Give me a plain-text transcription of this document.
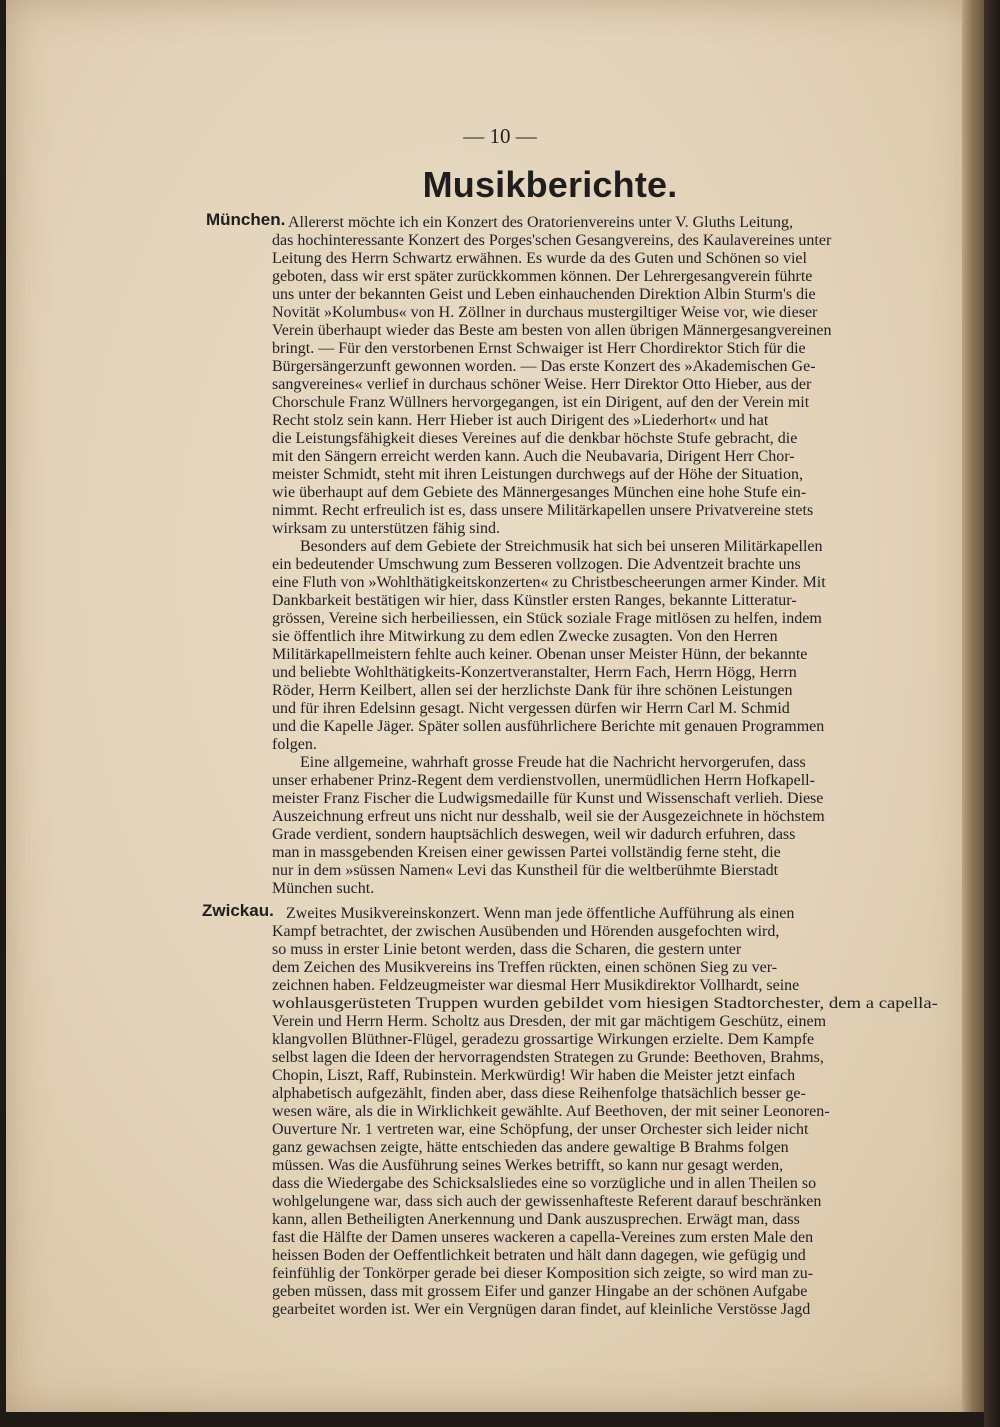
— 10 —
Musikberichte.
München. Allererst möchte ich ein Konzert des Oratorienvereins unter V. Gluths Leitung,
das hochinteressante Konzert des Porges'schen Gesangvereins, des Kaulavereines unter
Leitung des Herrn Schwartz erwähnen. Es wurde da des Guten und Schönen so viel
geboten, dass wir erst später zurückkommen können. Der Lehrergesangverein führte
uns unter der bekannten Geist und Leben einhauchenden Direktion Albin Sturm's die
Novität »Kolumbus« von H. Zöllner in durchaus mustergiltiger Weise vor, wie dieser
Verein überhaupt wieder das Beste am besten von allen übrigen Männergesangvereinen
bringt. — Für den verstorbenen Ernst Schwaiger ist Herr Chordirektor Stich für die
Bürgersängerzunft gewonnen worden. — Das erste Konzert des »Akademischen Ge-
sangvereines« verlief in durchaus schöner Weise. Herr Direktor Otto Hieber, aus der
Chorschule Franz Wüllners hervorgegangen, ist ein Dirigent, auf den der Verein mit
Recht stolz sein kann. Herr Hieber ist auch Dirigent des »Liederhort« und hat
die Leistungsfähigkeit dieses Vereines auf die denkbar höchste Stufe gebracht, die
mit den Sängern erreicht werden kann. Auch die Neubavaria, Dirigent Herr Chor-
meister Schmidt, steht mit ihren Leistungen durchwegs auf der Höhe der Situation,
wie überhaupt auf dem Gebiete des Männergesanges München eine hohe Stufe ein-
nimmt. Recht erfreulich ist es, dass unsere Militärkapellen unsere Privatvereine stets
wirksam zu unterstützen fähig sind.
Besonders auf dem Gebiete der Streichmusik hat sich bei unseren Militärkapellen
ein bedeutender Umschwung zum Besseren vollzogen. Die Adventzeit brachte uns
eine Fluth von »Wohlthätigkeitskonzerten« zu Christbescheerungen armer Kinder. Mit
Dankbarkeit bestätigen wir hier, dass Künstler ersten Ranges, bekannte Litteratur-
grössen, Vereine sich herbeiliessen, ein Stück soziale Frage mitlösen zu helfen, indem
sie öffentlich ihre Mitwirkung zu dem edlen Zwecke zusagten. Von den Herren
Militärkapellmeistern fehlte auch keiner. Obenan unser Meister Hünn, der bekannte
und beliebte Wohlthätigkeits-Konzertveranstalter, Herrn Fach, Herrn Högg, Herrn
Röder, Herrn Keilbert, allen sei der herzlichste Dank für ihre schönen Leistungen
und für ihren Edelsinn gesagt. Nicht vergessen dürfen wir Herrn Carl M. Schmid
und die Kapelle Jäger. Später sollen ausführlichere Berichte mit genauen Programmen
folgen.
Eine allgemeine, wahrhaft grosse Freude hat die Nachricht hervorgerufen, dass
unser erhabener Prinz-Regent dem verdienstvollen, unermüdlichen Herrn Hofkapell-
meister Franz Fischer die Ludwigsmedaille für Kunst und Wissenschaft verlieh. Diese
Auszeichnung erfreut uns nicht nur desshalb, weil sie der Ausgezeichnete in höchstem
Grade verdient, sondern hauptsächlich deswegen, weil wir dadurch erfuhren, dass
man in massgebenden Kreisen einer gewissen Partei vollständig ferne steht, die
nur in dem »süssen Namen« Levi das Kunstheil für die weltberühmte Bierstadt
München sucht.
Zwickau. Zweites Musikvereinskonzert. Wenn man jede öffentliche Aufführung als einen
Kampf betrachtet, der zwischen Ausübenden und Hörenden ausgefochten wird,
so muss in erster Linie betont werden, dass die Scharen, die gestern unter
dem Zeichen des Musikvereins ins Treffen rückten, einen schönen Sieg zu ver-
zeichnen haben. Feldzeugmeister war diesmal Herr Musikdirektor Vollhardt, seine
wohlausgerüsteten Truppen wurden gebildet vom hiesigen Stadtorchester, dem a capella-
Verein und Herrn Herm. Scholtz aus Dresden, der mit gar mächtigem Geschütz, einem
klangvollen Blüthner-Flügel, geradezu grossartige Wirkungen erzielte. Dem Kampfe
selbst lagen die Ideen der hervorragendsten Strategen zu Grunde: Beethoven, Brahms,
Chopin, Liszt, Raff, Rubinstein. Merkwürdig! Wir haben die Meister jetzt einfach
alphabetisch aufgezählt, finden aber, dass diese Reihenfolge thatsächlich besser ge-
wesen wäre, als die in Wirklichkeit gewählte. Auf Beethoven, der mit seiner Leonoren-
Ouverture Nr. 1 vertreten war, eine Schöpfung, der unser Orchester sich leider nicht
ganz gewachsen zeigte, hätte entschieden das andere gewaltige B Brahms folgen
müssen. Was die Ausführung seines Werkes betrifft, so kann nur gesagt werden,
dass die Wiedergabe des Schicksalsliedes eine so vorzügliche und in allen Theilen so
wohlgelungene war, dass sich auch der gewissenhafteste Referent darauf beschränken
kann, allen Betheiligten Anerkennung und Dank auszusprechen. Erwägt man, dass
fast die Hälfte der Damen unseres wackeren a capella-Vereines zum ersten Male den
heissen Boden der Oeffentlichkeit betraten und hält dann dagegen, wie gefügig und
feinfühlig der Tonkörper gerade bei dieser Komposition sich zeigte, so wird man zu-
geben müssen, dass mit grossem Eifer und ganzer Hingabe an der schönen Aufgabe
gearbeitet worden ist. Wer ein Vergnügen daran findet, auf kleinliche Verstösse Jagd
